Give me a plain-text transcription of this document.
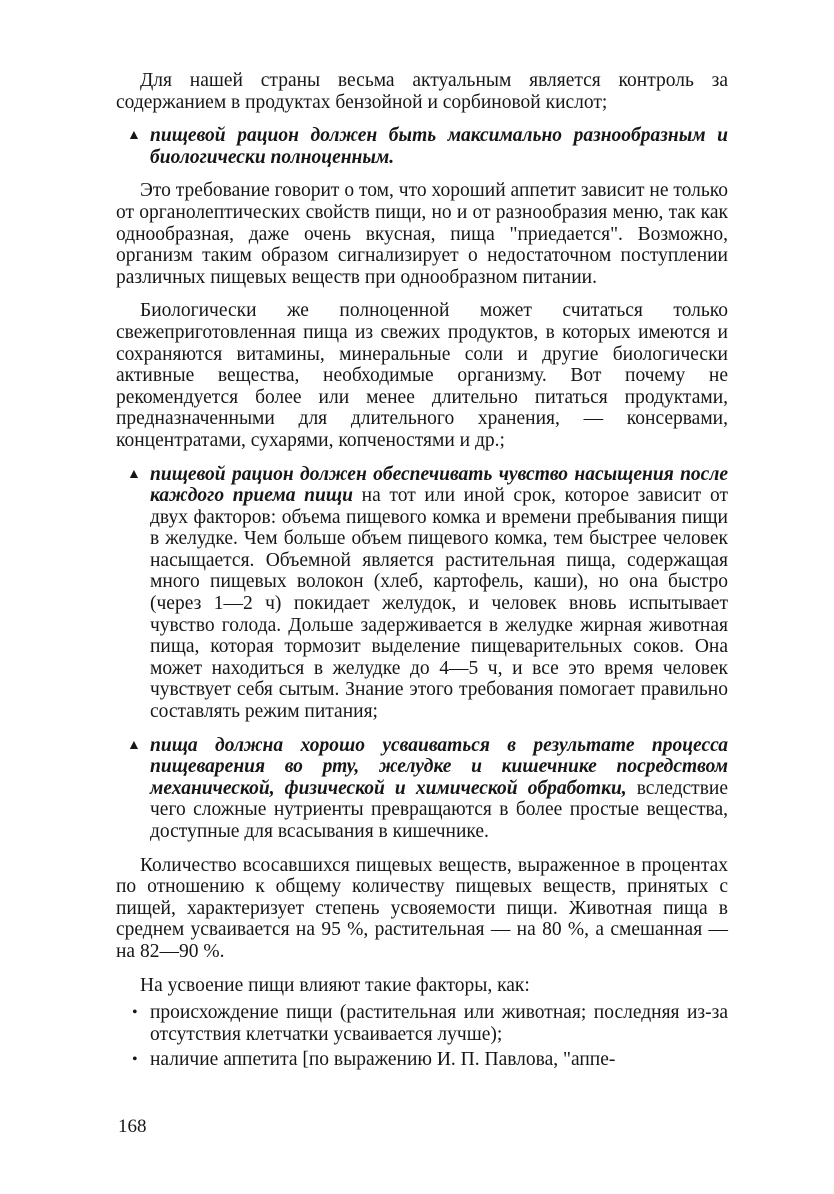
Для нашей страны весьма актуальным является контроль за содержанием в продуктах бензойной и сорбиновой кислот;

▲ пищевой рацион должен быть максимально разнообразным и биологически полноценным.

Это требование говорит о том, что хороший аппетит зависит не только от органолептических свойств пищи, но и от разнообразия меню, так как однообразная, даже очень вкусная, пища "приедается". Возможно, организм таким образом сигнализирует о недостаточном поступлении различных пищевых веществ при однообразном питании.

Биологически же полноценной может считаться только свежеприготовленная пища из свежих продуктов, в которых имеются и сохраняются витамины, минеральные соли и другие биологически активные вещества, необходимые организму. Вот почему не рекомендуется более или менее длительно питаться продуктами, предназначенными для длительного хранения, — консервами, концентратами, сухарями, копченостями и др.;

▲ пищевой рацион должен обеспечивать чувство насыщения после каждого приема пищи на тот или иной срок, которое зависит от двух факторов: объема пищевого комка и времени пребывания пищи в желудке. Чем больше объем пищевого комка, тем быстрее человек насыщается. Объемной является растительная пища, содержащая много пищевых волокон (хлеб, картофель, каши), но она быстро (через 1—2 ч) покидает желудок, и человек вновь испытывает чувство голода. Дольше задерживается в желудке жирная животная пища, которая тормозит выделение пищеварительных соков. Она может находиться в желудке до 4—5 ч, и все это время человек чувствует себя сытым. Знание этого требования помогает правильно составлять режим питания;
▲ пища должна хорошо усваиваться в результате процесса пищеварения во рту, желудке и кишечнике посредством механической, физической и химической обработки, вследствие чего сложные нутриенты превращаются в более простые вещества, доступные для всасывания в кишечнике.

Количество всосавшихся пищевых веществ, выраженное в процентах по отношению к общему количеству пищевых веществ, принятых с пищей, характеризует степень усвояемости пищи. Животная пища в среднем усваивается на 95 %, растительная — на 80 %, а смешанная — на 82—90 %.

На усвоение пищи влияют такие факторы, как:

• происхождение пищи (растительная или животная; последняя из-за отсутствия клетчатки усваивается лучше);
• наличие аппетита [по выражению И. П. Павлова, "аппе-
168
